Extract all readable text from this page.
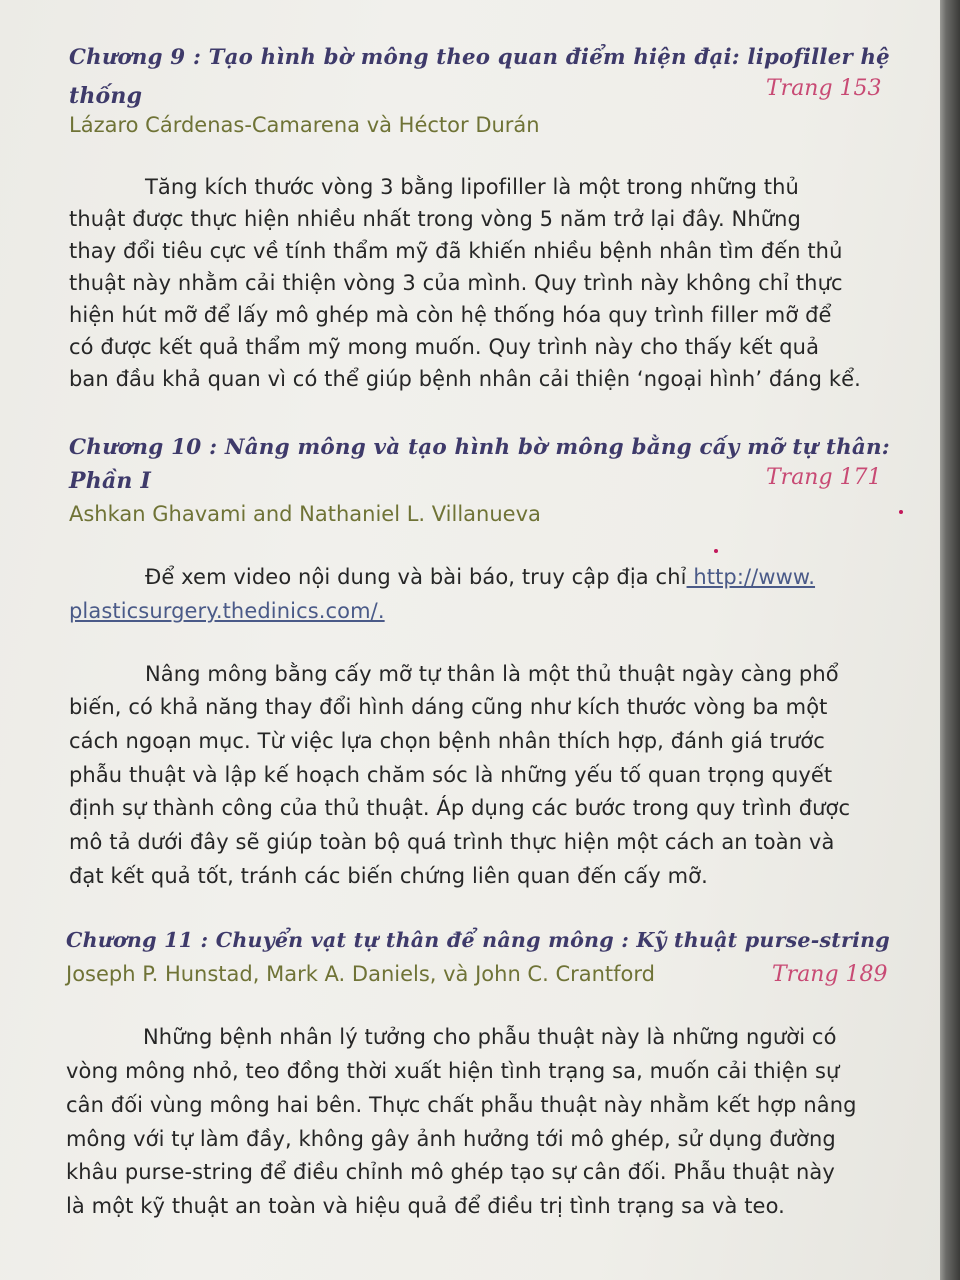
Chương 9 : Tạo hình bờ mông theo quan điểm hiện đại: lipofiller hệ
thống	Trang 153
Lázaro Cárdenas-Camarena và Héctor Durán
Tăng kích thước vòng 3 bằng lipofiller là một trong những thủ
thuật được thực hiện nhiều nhất trong vòng 5 năm trở lại đây. Những
thay đổi tiêu cực về tính thẩm mỹ đã khiến nhiều bệnh nhân tìm đến thủ
thuật này nhằm cải thiện vòng 3 của mình. Quy trình này không chỉ thực
hiện hút mỡ để lấy mô ghép mà còn hệ thống hóa quy trình filler mỡ để
có được kết quả thẩm mỹ mong muốn. Quy trình này cho thấy kết quả
ban đầu khả quan vì có thể giúp bệnh nhân cải thiện ‘ngoại hình’ đáng kể.
Chương 10 : Nâng mông và tạo hình bờ mông bằng cấy mỡ tự thân:
Phần I	Trang 171
Ashkan Ghavami and Nathaniel L. Villanueva
Để xem video nội dung và bài báo, truy cập địa chỉ http://www.
plasticsurgery.thedinics.com/.
Nâng mông bằng cấy mỡ tự thân là một thủ thuật ngày càng phổ
biến, có khả năng thay đổi hình dáng cũng như kích thước vòng ba một
cách ngoạn mục. Từ việc lựa chọn bệnh nhân thích hợp, đánh giá trước
phẫu thuật và lập kế hoạch chăm sóc là những yếu tố quan trọng quyết
định sự thành công của thủ thuật. Áp dụng các bước trong quy trình được
mô tả dưới đây sẽ giúp toàn bộ quá trình thực hiện một cách an toàn và
đạt kết quả tốt, tránh các biến chứng liên quan đến cấy mỡ.
Chương 11 : Chuyển vạt tự thân để nâng mông : Kỹ thuật purse-string
Joseph P. Hunstad, Mark A. Daniels, và John C. Crantford	Trang 189
Những bệnh nhân lý tưởng cho phẫu thuật này là những người có
vòng mông nhỏ, teo đồng thời xuất hiện tình trạng sa, muốn cải thiện sự
cân đối vùng mông hai bên. Thực chất phẫu thuật này nhằm kết hợp nâng
mông với tự làm đầy, không gây ảnh hưởng tới mô ghép, sử dụng đường
khâu purse-string để điều chỉnh mô ghép tạo sự cân đối. Phẫu thuật này
là một kỹ thuật an toàn và hiệu quả để điều trị tình trạng sa và teo.
